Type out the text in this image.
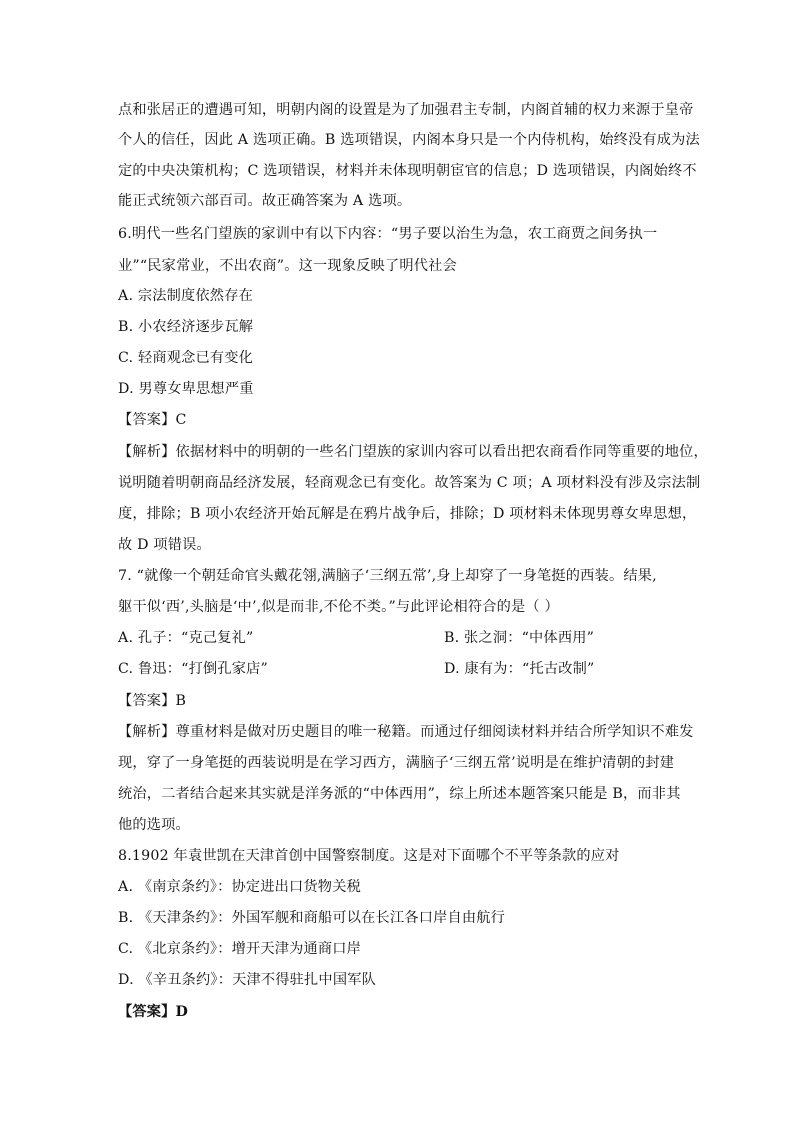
点和张居正的遭遇可知，明朝内阁的设置是为了加强君主专制，内阁首辅的权力来源于皇帝
个人的信任，因此 A 选项正确。B 选项错误，内阁本身只是一个内侍机构，始终没有成为法
定的中央决策机构；C 选项错误，材料并未体现明朝宦官的信息；D 选项错误，内阁始终不
能正式统领六部百司。故正确答案为 A 选项。
6.明代一些名门望族的家训中有以下内容：“男子要以治生为急，农工商贾之间务执一
业”“民家常业，不出农商”。这一现象反映了明代社会
A. 宗法制度依然存在
B. 小农经济逐步瓦解
C. 轻商观念已有变化
D. 男尊女卑思想严重
【答案】C
【解析】依据材料中的明朝的一些名门望族的家训内容可以看出把农商看作同等重要的地位，
说明随着明朝商品经济发展，轻商观念已有变化。故答案为 C 项；A 项材料没有涉及宗法制
度，排除；B 项小农经济开始瓦解是在鸦片战争后，排除；D 项材料未体现男尊女卑思想，
故 D 项错误。
7. “就像一个朝廷命官头戴花翎,满脑子‘三纲五常’,身上却穿了一身笔挺的西装。结果,
躯干似‘西’,头脑是‘中’,似是而非,不伦不类。”与此评论相符合的是（ ）
A. 孔子：“克己复礼”	B. 张之洞：“中体西用”
C. 鲁迅：“打倒孔家店”	D. 康有为：“托古改制”
【答案】B
【解析】尊重材料是做对历史题目的唯一秘籍。而通过仔细阅读材料并结合所学知识不难发
现，穿了一身笔挺的西装说明是在学习西方，满脑子‘三纲五常’说明是在维护清朝的封建
统治，二者结合起来其实就是洋务派的“中体西用”，综上所述本题答案只能是 B，而非其
他的选项。
8.1902 年袁世凯在天津首创中国警察制度。这是对下面哪个不平等条款的应对
A. 《南京条约》：协定进出口货物关税
B. 《天津条约》：外国军舰和商船可以在长江各口岸自由航行
C. 《北京条约》：增开天津为通商口岸
D. 《辛丑条约》：天津不得驻扎中国军队
【答案】D
